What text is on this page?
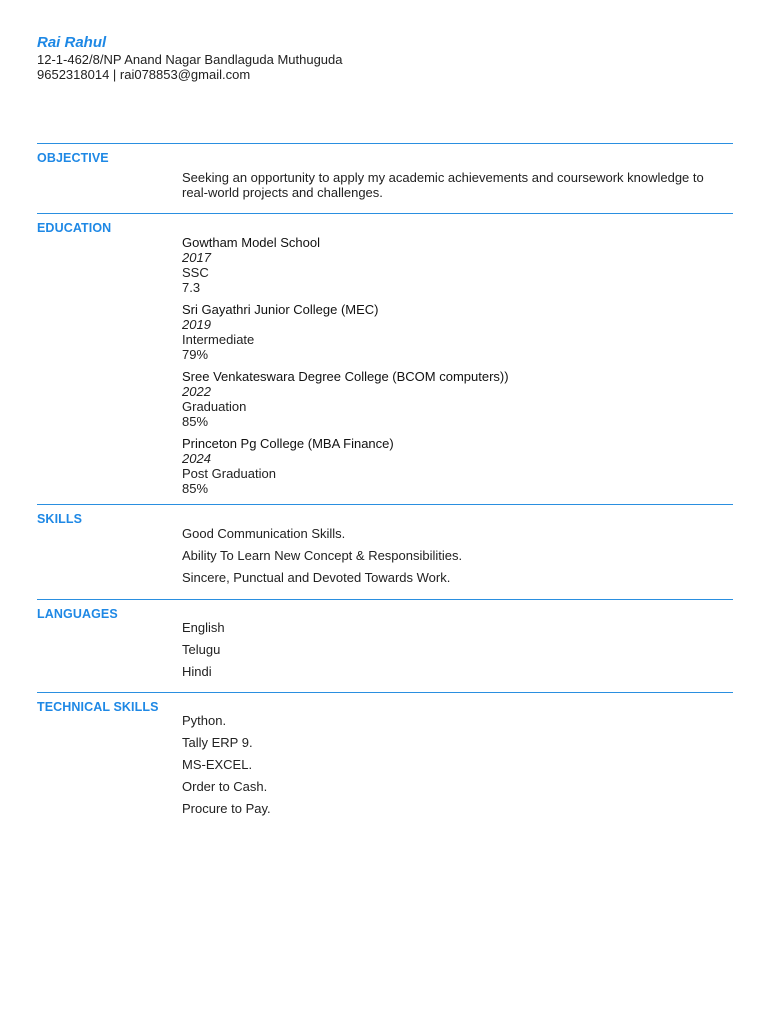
Rai Rahul

12-1-462/8/NP Anand Nagar Bandlaguda Muthuguda

9652318014 | rai078853@gmail.com

OBJECTIVE

Seeking an opportunity to apply my academic achievements and coursework knowledge to real-world projects and challenges.

EDUCATION

Gowtham Model School

2017

SSC

7.3

Sri Gayathri Junior College (MEC)

2019

Intermediate

79%

Sree Venkateswara Degree College (BCOM computers))

2022

Graduation

85%

Princeton Pg College (MBA Finance)

2024

Post Graduation

85%

SKILLS

Good Communication Skills.

Ability To Learn New Concept & Responsibilities.

Sincere, Punctual and Devoted Towards Work.

LANGUAGES

English

Telugu

Hindi

TECHNICAL SKILLS

Python.

Tally ERP 9.

MS-EXCEL.

Order to Cash.

Procure to Pay.
